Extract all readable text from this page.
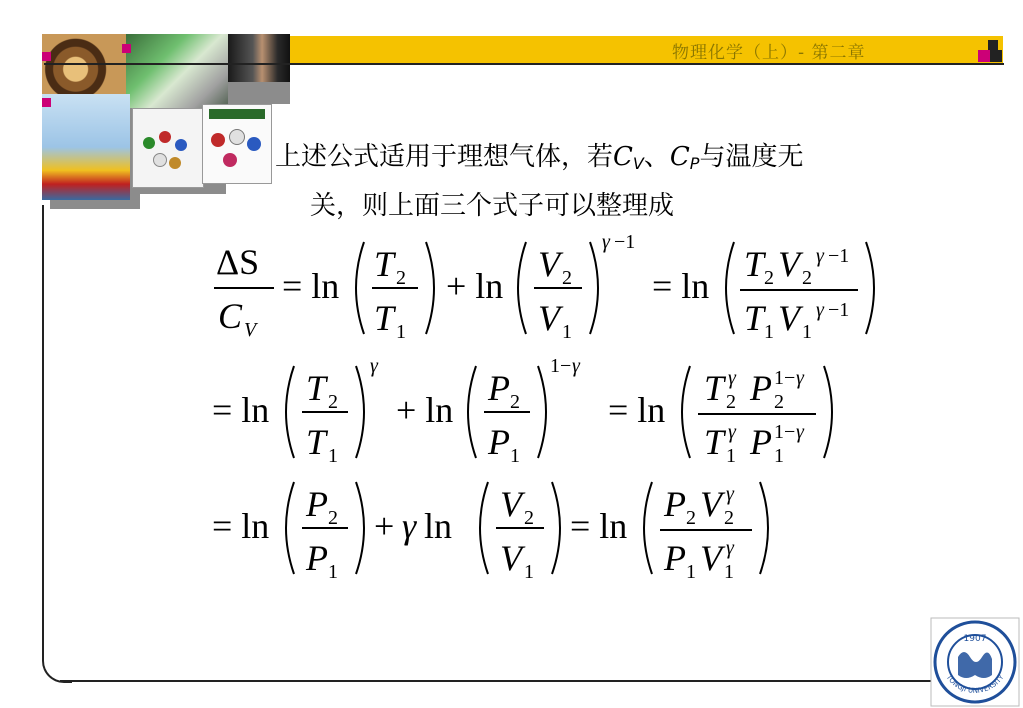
物理化学（上）- 第二章
上述公式适用于理想气体，若$C_V$、$C_P$与温度无
关，则上面三个式子可以整理成
ΔS
C V
= ln
T 2
T 1
+ ln
V 2
V 1
γ −1
= ln
T 2 V 2
γ −1
T 1 V 1
γ −1
= ln
T 2
T 1
γ
+ ln
P 2
P 1
1− γ
= ln
T 2
γ P 2
1− γ
T 1
γ P 1
1− γ
= ln
P 2
P 1
+ γ ln
V 2
V 1
= ln
P 2 V 2
γ
P 1 V 1
γ
1907
TONGJI UNIVERSITY
